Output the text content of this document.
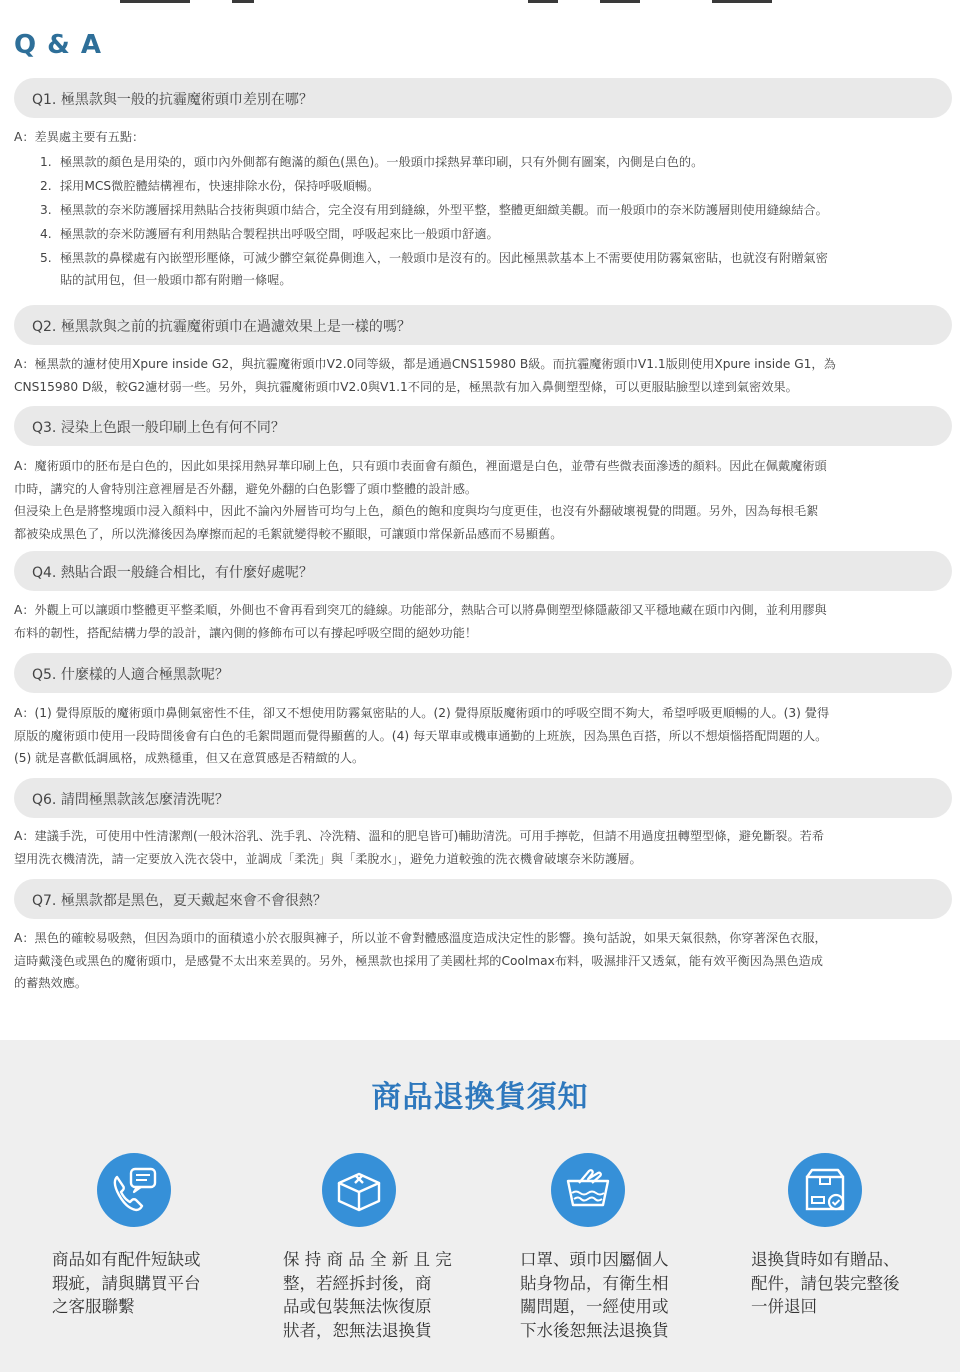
Q & A
Q1. 極黑款與一般的抗霾魔術頭巾差別在哪？

A：差異處主要有五點：

1. 極黑款的顏色是用染的，頭巾內外側都有飽滿的顏色(黑色)。一般頭巾採熱昇華印刷，只有外側有圖案，內側是白色的。
2. 採用MCS微腔體結構裡布，快速排除水份，保持呼吸順暢。
3. 極黑款的奈米防護層採用熱貼合技術與頭巾結合，完全沒有用到縫線，外型平整，整體更細緻美觀。而一般頭巾的奈米防護層則使用縫線結合。
4. 極黑款的奈米防護層有利用熱貼合製程拱出呼吸空間，呼吸起來比一般頭巾舒適。
5. 極黑款的鼻樑處有內嵌塑形壓條，可減少髒空氣從鼻側進入，一般頭巾是沒有的。因此極黑款基本上不需要使用防霧氣密貼，也就沒有附贈氣密
貼的試用包，但一般頭巾都有附贈一條喔。
Q2. 極黑款與之前的抗霾魔術頭巾在過濾效果上是一樣的嗎？

A：極黑款的濾材使用Xpure inside G2，與抗霾魔術頭巾V2.0同等級，都是通過CNS15980 B級。而抗霾魔術頭巾V1.1版則使用Xpure inside G1，為

CNS15980 D級，較G2濾材弱一些。另外，與抗霾魔術頭巾V2.0與V1.1不同的是，極黑款有加入鼻側塑型條，可以更服貼臉型以達到氣密效果。

Q3. 浸染上色跟一般印刷上色有何不同？

A：魔術頭巾的胚布是白色的，因此如果採用熱昇華印刷上色，只有頭巾表面會有顏色，裡面還是白色，並帶有些微表面滲透的顏料。因此在佩戴魔術頭

巾時，講究的人會特別注意裡層是否外翻，避免外翻的白色影響了頭巾整體的設計感。

但浸染上色是將整塊頭巾浸入顏料中，因此不論內外層皆可均勻上色，顏色的飽和度與均勻度更佳，也沒有外翻破壞視覺的問題。另外，因為每根毛絮

都被染成黑色了，所以洗滌後因為摩擦而起的毛絮就變得較不顯眼，可讓頭巾常保新品感而不易顯舊。

Q4. 熱貼合跟一般縫合相比，有什麼好處呢？

A：外觀上可以讓頭巾整體更平整柔順，外側也不會再看到突兀的縫線。功能部分，熱貼合可以將鼻側塑型條隱蔽卻又平穩地藏在頭巾內側，並利用膠與

布料的韌性，搭配結構力學的設計，讓內側的修飾布可以有撐起呼吸空間的絕妙功能！

Q5. 什麼樣的人適合極黑款呢？

A：(1) 覺得原版的魔術頭巾鼻側氣密性不佳，卻又不想使用防霧氣密貼的人。(2) 覺得原版魔術頭巾的呼吸空間不夠大，希望呼吸更順暢的人。(3) 覺得

原版的魔術頭巾使用一段時間後會有白色的毛絮問題而覺得顯舊的人。(4) 每天單車或機車通勤的上班族，因為黑色百搭，所以不想煩惱搭配問題的人。

(5) 就是喜歡低調風格，成熟穩重，但又在意質感是否精緻的人。

Q6. 請問極黑款該怎麼清洗呢？

A：建議手洗，可使用中性清潔劑(一般沐浴乳、洗手乳、冷洗精、溫和的肥皂皆可)輔助清洗。可用手擰乾，但請不用過度扭轉塑型條，避免斷裂。若希

望用洗衣機清洗，請一定要放入洗衣袋中，並調成「柔洗」與「柔脫水」，避免力道較強的洗衣機會破壞奈米防護層。

Q7. 極黑款都是黑色，夏天戴起來會不會很熱？

A：黑色的確較易吸熱，但因為頭巾的面積遠小於衣服與褲子，所以並不會對體感溫度造成決定性的影響。換句話說，如果天氣很熱，你穿著深色衣服，

這時戴淺色或黑色的魔術頭巾，是感覺不太出來差異的。另外，極黑款也採用了美國杜邦的Coolmax布料，吸濕排汗又透氣，能有效平衡因為黑色造成

的蓄熱效應。

商品退換貨須知

商品如有配件短缺或

瑕疵，請與購買平台

之客服聯繫

保 持 商 品 全 新 且 完

整，若經拆封後，商

品或包裝無法恢復原

狀者，恕無法退換貨

口罩、頭巾因屬個人

貼身物品，有衛生相

關問題，一經使用或

下水後恕無法退換貨

退換貨時如有贈品、

配件，請包裝完整後

一併退回
